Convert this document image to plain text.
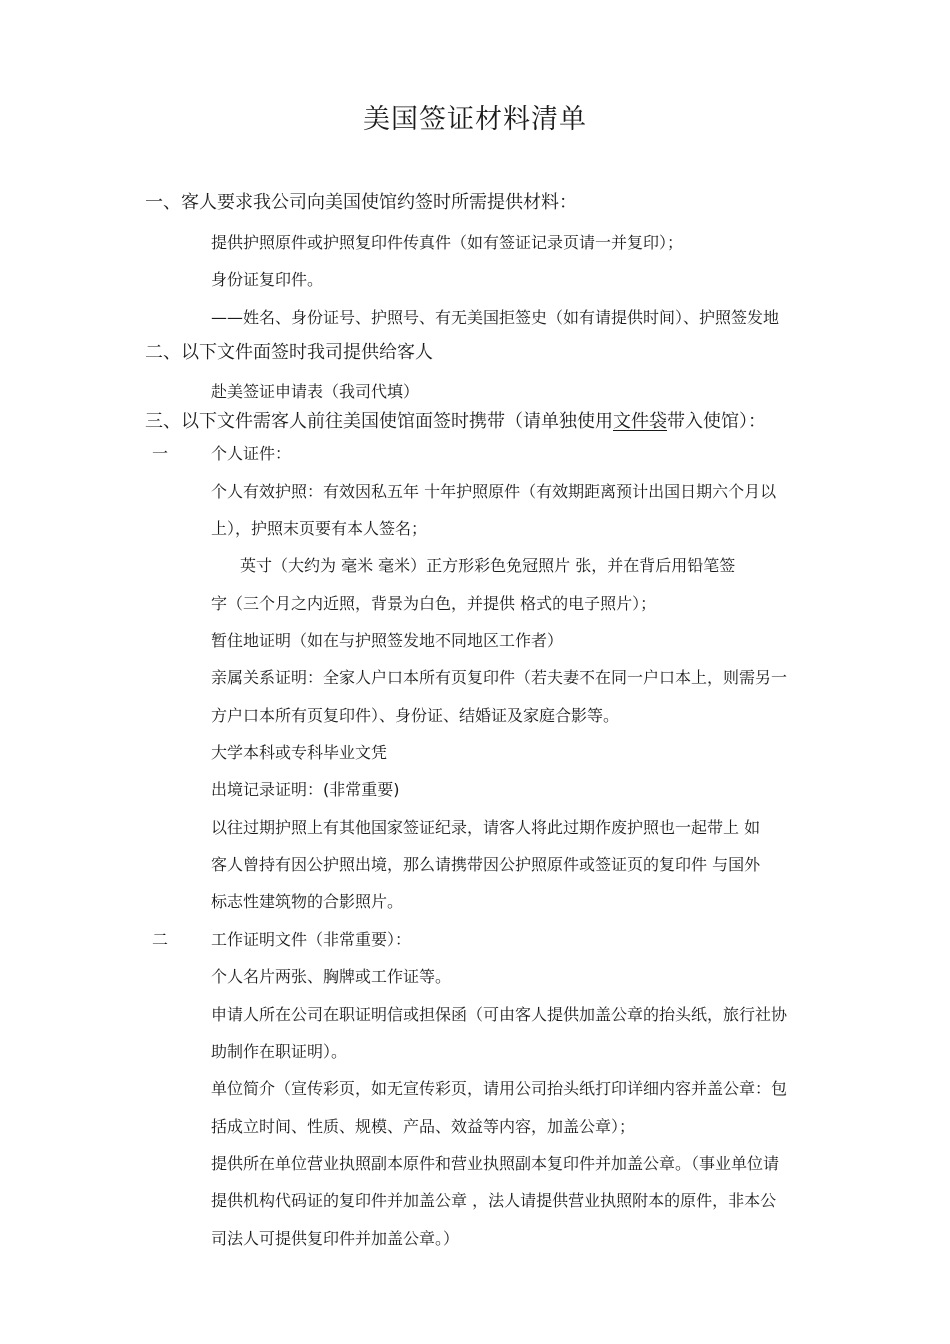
美国签证材料清单
一、客人要求我公司向美国使馆约签时所需提供材料：
提供护照原件或护照复印件传真件（如有签证记录页请一并复印）；
身份证复印件。
——姓名、身份证号、护照号、有无美国拒签史（如有请提供时间）、护照签发地
二、以下文件面签时我司提供给客人
赴美签证申请表（我司代填）
三、以下文件需客人前往美国使馆面签时携带（请单独使用文件袋带入使馆）：
一	个人证件：
个人有效护照：有效因私五年 十年护照原件（有效期距离预计出国日期六个月以
上），护照末页要有本人签名；
英寸（大约为 毫米 毫米）正方形彩色免冠照片 张，并在背后用铅笔签
字（三个月之内近照，背景为白色，并提供 格式的电子照片）；
暂住地证明（如在与护照签发地不同地区工作者）
亲属关系证明：全家人户口本所有页复印件（若夫妻不在同一户口本上，则需另一
方户口本所有页复印件）、身份证、结婚证及家庭合影等。
大学本科或专科毕业文凭
出境记录证明：(非常重要)
以往过期护照上有其他国家签证纪录，请客人将此过期作废护照也一起带上 如
客人曾持有因公护照出境，那么请携带因公护照原件或签证页的复印件 与国外
标志性建筑物的合影照片。
二	工作证明文件（非常重要）：
个人名片两张、胸牌或工作证等。
申请人所在公司在职证明信或担保函（可由客人提供加盖公章的抬头纸，旅行社协
助制作在职证明）。
单位简介（宣传彩页，如无宣传彩页，请用公司抬头纸打印详细内容并盖公章：包
括成立时间、性质、规模、产品、效益等内容，加盖公章）；
提供所在单位营业执照副本原件和营业执照副本复印件并加盖公章。（事业单位请
提供机构代码证的复印件并加盖公章 ，法人请提供营业执照附本的原件，非本公
司法人可提供复印件并加盖公章。）
